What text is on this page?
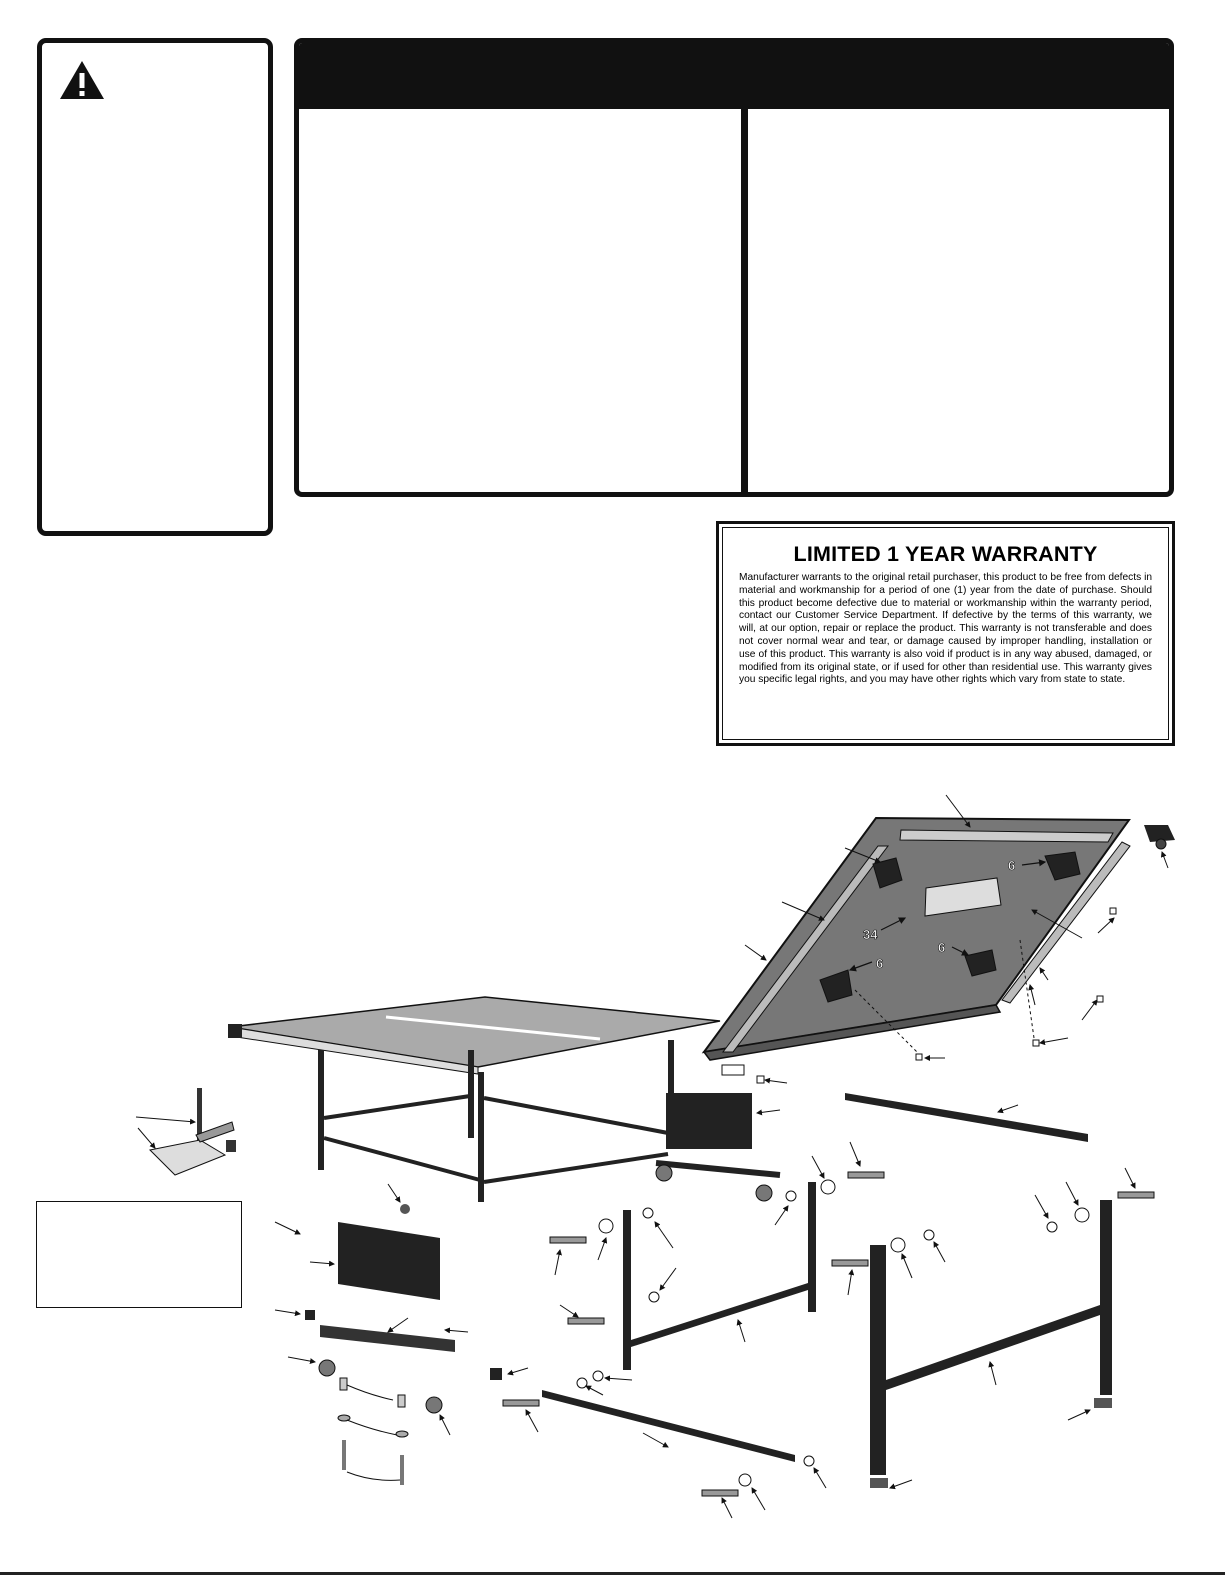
LIMITED 1 YEAR WARRANTY

Manufacturer warrants to the original retail purchaser, this product to be free from defects in material and workmanship for a period of one (1) year from the date of purchase. Should this product become defective due to material or workmanship within the warranty period, contact our Customer Service Department. If defective by the terms of this warranty, we will, at our option, repair or replace the product. This warranty is not transferable and does not cover normal wear and tear, or damage caused by improper handling, installation or use of this product. This warranty is also void if product is in any way abused, damaged, or modified from its original state, or if used for other than residential use. This warranty gives you specific legal rights, and you may have other rights which vary from state to state.

6
6
6
34
